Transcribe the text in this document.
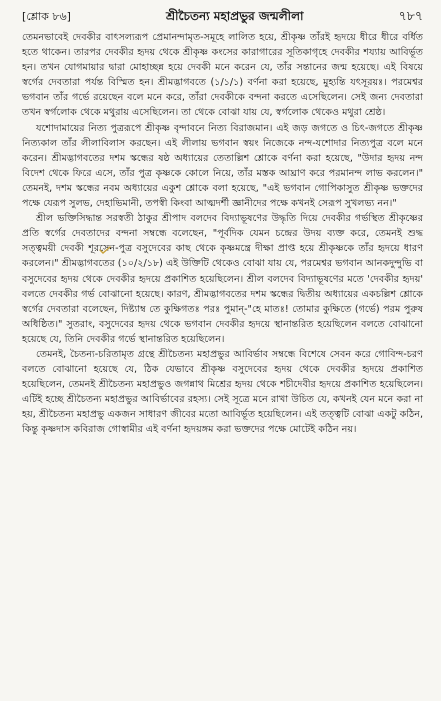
[শ্লোক ৮৬]	শ্রীচৈতন্য মহাপ্রভুর জন্মলীলা	৭৮৭

তেমনভাবেই দেবকীর বাৎসল্যরূপ প্রেমানন্দামৃত-সমূহে লালিত হয়ে, শ্রীকৃষ্ণ তাঁরই হৃদয়ে ধীরে ধীরে বর্ধিত হতে থাকেন। তারপর দেবকীর হৃদয় থেকে শ্রীকৃষ্ণ কংসের কারাগারের সূতিকাগৃহে দেবকীর শয্যায় আবির্ভূত হন। তখন যোগমায়ার দ্বারা মোহাচ্ছন্ন হয়ে দেবকী মনে করেন যে, তাঁর সন্তানের জন্ম হয়েছে। এই বিষয়ে স্বর্গের দেবতারা পর্যন্ত বিস্মিত হন। শ্রীমদ্ভাগবতে (১/১/১) বর্ণনা করা হয়েছে, মুহ্যন্তি যৎসূরয়ঃ। পরমেশ্বর ভগবান তাঁর গর্ভে রয়েছেন বলে মনে করে, তাঁরা দেবকীকে বন্দনা করতে এসেছিলেন। সেই জন্য দেবতারা তখন স্বর্গলোক থেকে মথুরায় এসেছিলেন। তা থেকে বোঝা যায় যে, স্বর্গলোক থেকেও মথুরা শ্রেষ্ঠ।

যশোদামায়ের নিত্য পুত্ররূপে শ্রীকৃষ্ণ বৃন্দাবনে নিত্য বিরাজমান। এই জড় জগতে ও চিৎ-জগতে শ্রীকৃষ্ণ নিত্যকাল তাঁর লীলাবিলাস করছেন। এই লীলায় ভগবান স্বয়ং নিজেকে নন্দ-যশোদার নিত্যপুত্র বলে মনে করেন। শ্রীমদ্ভাগবতের দশম স্কন্ধের ষষ্ঠ অধ্যায়ের তেতাল্লিশ শ্লোকে বর্ণনা করা হয়েছে, "উদার হৃদয় নন্দ বিদেশ থেকে ফিরে এসে, তাঁর পুত্র কৃষ্ণকে কোলে নিয়ে, তাঁর মস্তক আঘ্রাণ করে পরমানন্দ লাভ করলেন।" তেমনই, দশম স্কন্ধের নবম অধ্যায়ের একুশ শ্লোকে বলা হয়েছে, "এই ভগবান গোপিকাসুত শ্রীকৃষ্ণ ভক্তদের পক্ষে যেরূপ সুলভ, দেহাভিমানী, তপস্বী কিংবা আত্মদর্শী জ্ঞানীদের পক্ষে কখনই সেরূপ সুখলভ্য নন।"

শ্রীল ভক্তিসিদ্ধান্ত সরস্বতী ঠাকুর শ্রীপাদ বলদেব বিদ্যাভূষণের উদ্ধৃতি দিয়ে দেবকীর গর্ভস্থিত শ্রীকৃষ্ণের প্রতি স্বর্গের দেবতাদের বন্দনা সম্বন্ধে বলেছেন, "পূর্বদিক যেমন চন্দ্রের উদয় ব্যক্ত করে, তেমনই শুদ্ধ সত্ত্বময়ী দেবকী শূরসেন-পুত্র বসুদেবের কাছ থেকে কৃষ্ণমন্ত্রে দীক্ষা প্রাপ্ত হয়ে শ্রীকৃষ্ণকে তাঁর হৃদয়ে ধারণ করলেন।" শ্রীমদ্ভাগবতের (১০/২/১৮) এই উক্তিটি থেকেও বোঝা যায় যে, পরমেশ্বর ভগবান আনকদুন্দুভি বা বসুদেবের হৃদয় থেকে দেবকীর হৃদয়ে প্রকাশিত হয়েছিলেন। শ্রীল বলদেব বিদ্যাভূষণের মতে 'দেবকীর হৃদয়' বলতে দেবকীর গর্ভ বোঝানো হয়েছে। কারণ, শ্রীমদ্ভাগবতের দশম স্কন্ধের দ্বিতীয় অধ্যায়ের একচল্লিশ শ্লোকে স্বর্গের দেবতারা বলেছেন, দিষ্ট্যাম্ব তে কুক্ষিগতঃ পরঃ পুমান্-"হে মাতঃ! তোমার কুক্ষিতে (গর্ভে) পরম পুরুষ অধিষ্ঠিত।" সুতরাং, বসুদেবের হৃদয় থেকে ভগবান দেবকীর হৃদয়ে স্থানান্তরিত হয়েছিলেন বলতে বোঝানো হয়েছে যে, তিনি দেবকীর গর্ভে স্থানান্তরিত হয়েছিলেন।

তেমনই, চৈতন্য-চরিতামৃত গ্রন্থে শ্রীচৈতন্য মহাপ্রভুর আবির্ভাব সম্বন্ধে বিশেষে সেবন করে গোবিন্দ-চরণ বলতে বোঝানো হয়েছে যে, ঠিক যেভাবে শ্রীকৃষ্ণ বসুদেবের হৃদয় থেকে দেবকীর হৃদয়ে প্রকাশিত হয়েছিলেন, তেমনই শ্রীচৈতন্য মহাপ্রভুও জগন্নাথ মিশ্রের হৃদয় থেকে শচীদেবীর হৃদয়ে প্রকাশিত হয়েছিলেন। এটিই হচ্ছে শ্রীচৈতন্য মহাপ্রভুর আবির্ভাবের রহস্য। সেই সূত্রে মনে রাখা উচিত যে, কখনই যেন মনে করা না হয়, শ্রীচৈতন্য মহাপ্রভু একজন সাধারণ জীবের মতো আবির্ভূত হয়েছিলেন। এই তত্ত্বটি বোঝা একটু কঠিন, কিন্তু কৃষ্ণদাস কবিরাজ গোস্বামীর এই বর্ণনা হৃদয়ঙ্গম করা ভক্তদের পক্ষে মোটেই কঠিন নয়।
